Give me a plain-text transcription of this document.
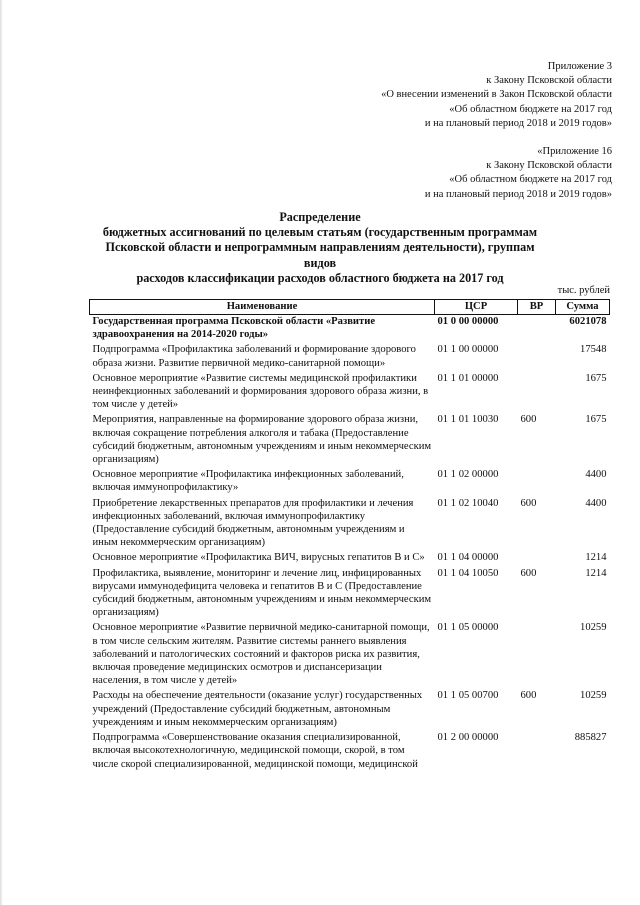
Приложение 3
к Закону Псковской области
«О внесении изменений в Закон Псковской области
«Об областном бюджете на 2017 год
и на плановый период 2018 и 2019 годов»
«Приложение 16
к Закону Псковской области
«Об областном бюджете на 2017 год
и на плановый период 2018 и 2019 годов»
Распределение
бюджетных ассигнований по целевым статьям (государственным программам
Псковской области и непрограммным направлениям деятельности), группам видов
расходов классификации расходов областного бюджета на 2017 год
тыс. рублей
Наименование	ЦСР	ВР	Сумма
Государственная программа Псковской области «Развитие здравоохранения на 2014-2020 годы»	01 0 00 00000		6021078
Подпрограмма «Профилактика заболеваний и формирование здорового образа жизни. Развитие первичной медико-санитарной помощи»	01 1 00 00000		17548
Основное мероприятие «Развитие системы медицинской профилактики неинфекционных заболеваний и формирования здорового образа жизни, в том числе у детей»	01 1 01 00000		1675
Мероприятия, направленные на формирование здорового образа жизни, включая сокращение потребления алкоголя и табака (Предоставление субсидий бюджетным, автономным учреждениям и иным некоммерческим организациям)	01 1 01 10030	600	1675
Основное мероприятие «Профилактика инфекционных заболеваний, включая иммунопрофилактику»	01 1 02 00000		4400
Приобретение лекарственных препаратов для профилактики и лечения инфекционных заболеваний, включая иммунопрофилактику (Предоставление субсидий бюджетным, автономным учреждениям и иным некоммерческим организациям)	01 1 02 10040	600	4400
Основное мероприятие «Профилактика ВИЧ, вирусных гепатитов В и С»	01 1 04 00000		1214
Профилактика, выявление, мониторинг и лечение лиц, инфицированных вирусами иммунодефицита человека и гепатитов В и С (Предоставление субсидий бюджетным, автономным учреждениям и иным некоммерческим организациям)	01 1 04 10050	600	1214
Основное мероприятие «Развитие первичной медико-санитарной помощи, в том числе сельским жителям. Развитие системы раннего выявления заболеваний и патологических состояний и факторов риска их развития, включая проведение медицинских осмотров и диспансеризации населения, в том числе у детей»	01 1 05 00000		10259
Расходы на обеспечение деятельности (оказание услуг) государственных учреждений (Предоставление субсидий бюджетным, автономным учреждениям и иным некоммерческим организациям)	01 1 05 00700	600	10259
Подпрограмма «Совершенствование оказания специализированной, включая высокотехнологичную, медицинской помощи, скорой, в том числе скорой специализированной, медицинской помощи, медицинской	01 2 00 00000		885827
